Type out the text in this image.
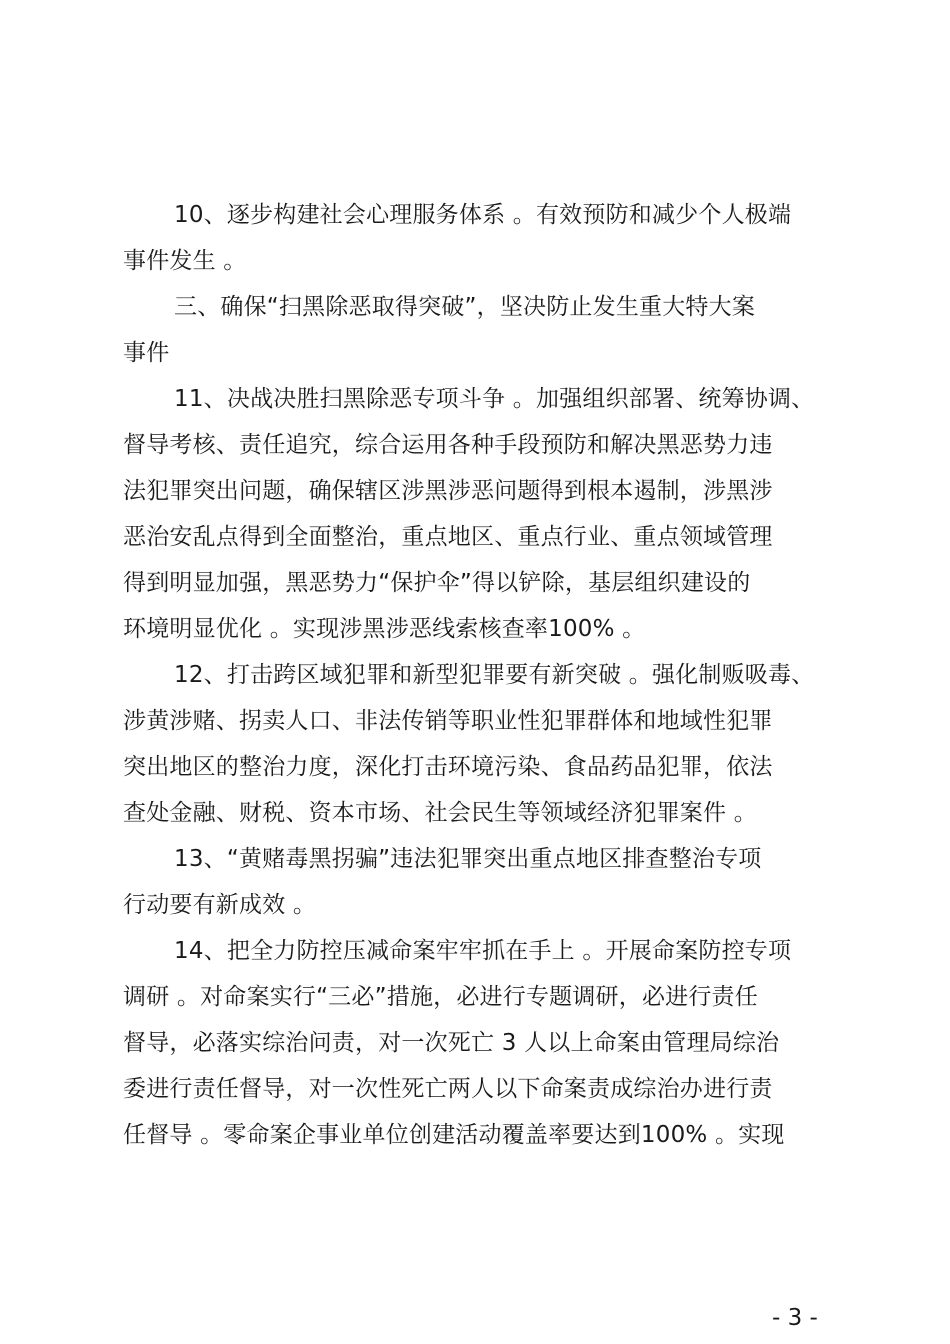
10、逐步构建社会心理服务体系 。有效预防和减少个人极端
事件发生 。
三、确保“扫黑除恶取得突破”，坚决防止发生重大特大案
事件
11、决战决胜扫黑除恶专项斗争 。加强组织部署、统筹协调、
督导考核、责任追究，综合运用各种手段预防和解决黑恶势力违
法犯罪突出问题，确保辖区涉黑涉恶问题得到根本遏制，涉黑涉
恶治安乱点得到全面整治，重点地区、重点行业、重点领域管理
得到明显加强，黑恶势力“保护伞”得以铲除，基层组织建设的
环境明显优化 。实现涉黑涉恶线索核查率100% 。
12、打击跨区域犯罪和新型犯罪要有新突破 。强化制贩吸毒、
涉黄涉赌、拐卖人口、非法传销等职业性犯罪群体和地域性犯罪
突出地区的整治力度，深化打击环境污染、食品药品犯罪，依法
查处金融、财税、资本市场、社会民生等领域经济犯罪案件 。
13、“黄赌毒黑拐骗”违法犯罪突出重点地区排查整治专项
行动要有新成效 。
14、把全力防控压减命案牢牢抓在手上 。开展命案防控专项
调研 。对命案实行“三必”措施，必进行专题调研，必进行责任
督导，必落实综治问责，对一次死亡 3 人以上命案由管理局综治
委进行责任督导，对一次性死亡两人以下命案责成综治办进行责
任督导 。零命案企事业单位创建活动覆盖率要达到100% 。实现
- 3 -
